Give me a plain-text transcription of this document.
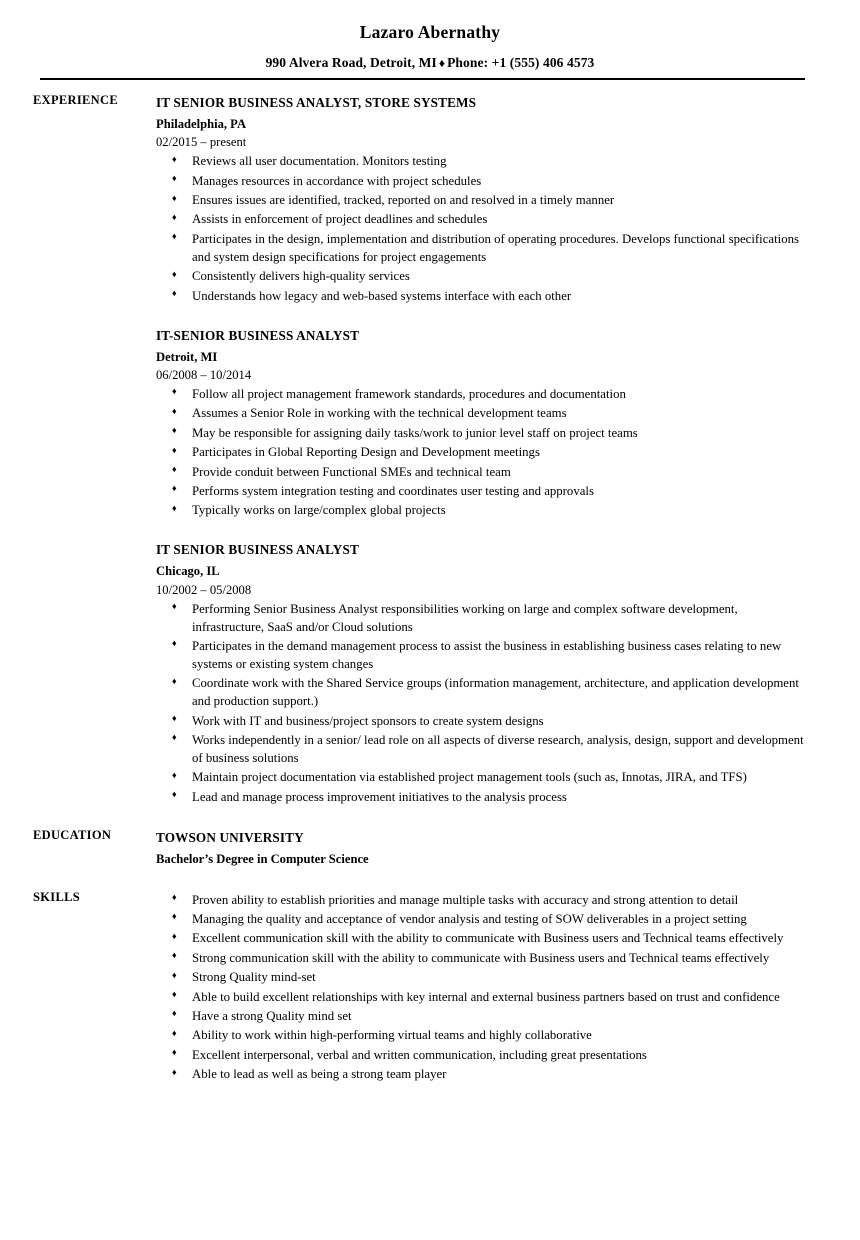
Lazaro Abernathy
990 Alvera Road, Detroit, MI ♦ Phone: +1 (555) 406 4573
EXPERIENCE	IT SENIOR BUSINESS ANALYST, STORE SYSTEMS
Philadelphia, PA
02/2015 – present
♦ Reviews all user documentation. Monitors testing
♦ Manages resources in accordance with project schedules
♦ Ensures issues are identified, tracked, reported on and resolved in a timely manner
♦ Assists in enforcement of project deadlines and schedules
♦ Participates in the design, implementation and distribution of operating procedures. Develops functional specifications and system design specifications for project engagements
♦ Consistently delivers high-quality services
♦ Understands how legacy and web-based systems interface with each other
IT-SENIOR BUSINESS ANALYST
Detroit, MI
06/2008 – 10/2014
♦ Follow all project management framework standards, procedures and documentation
♦ Assumes a Senior Role in working with the technical development teams
♦ May be responsible for assigning daily tasks/work to junior level staff on project teams
♦ Participates in Global Reporting Design and Development meetings
♦ Provide conduit between Functional SMEs and technical team
♦ Performs system integration testing and coordinates user testing and approvals
♦ Typically works on large/complex global projects
IT SENIOR BUSINESS ANALYST
Chicago, IL
10/2002 – 05/2008
♦ Performing Senior Business Analyst responsibilities working on large and complex software development, infrastructure, SaaS and/or Cloud solutions
♦ Participates in the demand management process to assist the business in establishing business cases relating to new systems or existing system changes
♦ Coordinate work with the Shared Service groups (information management, architecture, and application development and production support.)
♦ Work with IT and business/project sponsors to create system designs
♦ Works independently in a senior/ lead role on all aspects of diverse research, analysis, design, support and development of business solutions
♦ Maintain project documentation via established project management tools (such as, Innotas, JIRA, and TFS)
♦ Lead and manage process improvement initiatives to the analysis process
EDUCATION	TOWSON UNIVERSITY
Bachelor’s Degree in Computer Science
SKILLS	♦ Proven ability to establish priorities and manage multiple tasks with accuracy and strong attention to detail
♦ Managing the quality and acceptance of vendor analysis and testing of SOW deliverables in a project setting
♦ Excellent communication skill with the ability to communicate with Business users and Technical teams effectively
♦ Strong communication skill with the ability to communicate with Business users and Technical teams effectively
♦ Strong Quality mind-set
♦ Able to build excellent relationships with key internal and external business partners based on trust and confidence
♦ Have a strong Quality mind set
♦ Ability to work within high-performing virtual teams and highly collaborative
♦ Excellent interpersonal, verbal and written communication, including great presentations
♦ Able to lead as well as being a strong team player
